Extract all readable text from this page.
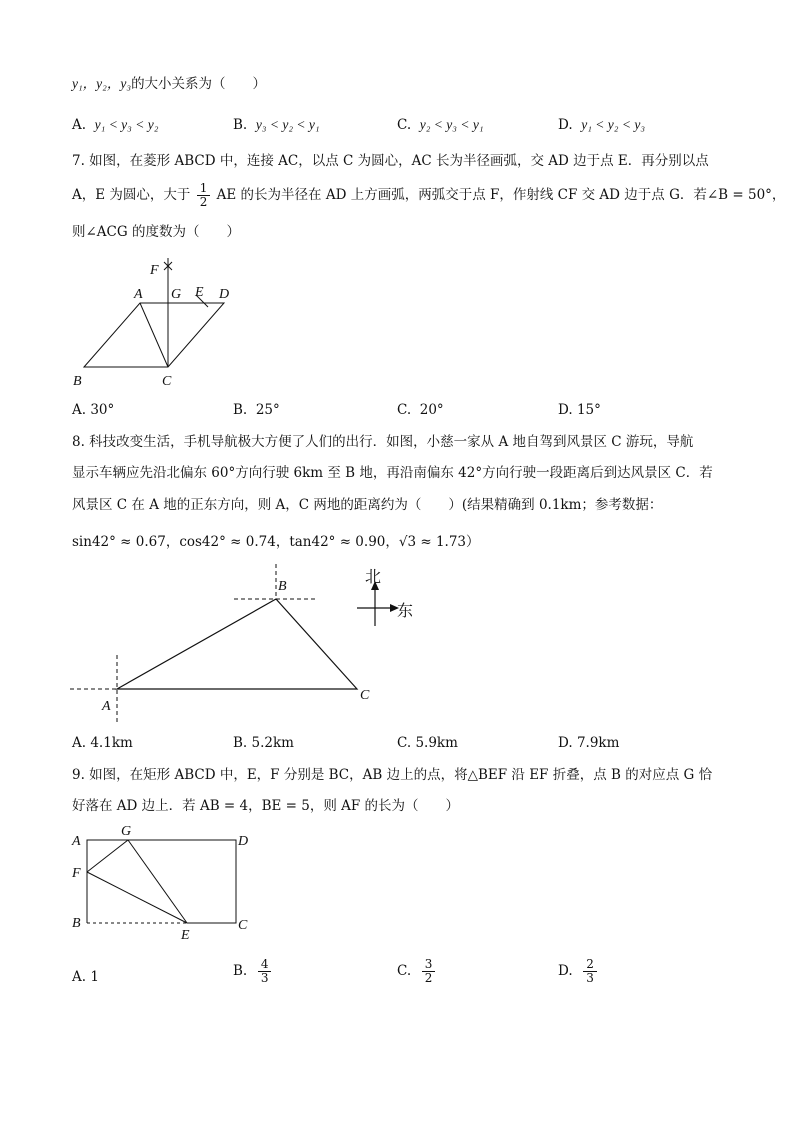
y₁，y₂，y₃的大小关系为（　　）
A. y₁ < y₃ < y₂	B. y₃ < y₂ < y₁	C. y₂ < y₃ < y₁	D. y₁ < y₂ < y₃
7. 如图，在菱形 ABCD 中，连接 AC，以点 C 为圆心，AC 长为半径画弧，交 AD 边于点 E．再分别以点
A，E 为圆心，大于 $\frac{1}{2}$ AE 的长为半径在 AD 上方画弧，两弧交于点 F，作射线 CF 交 AD 边于点 G．若∠B = 50°，
则∠ACG 的度数为（　　）
F
A G E D
B	C
A. 30°	B. 25°	C. 20°	D. 15°
8. 科技改变生活，手机导航极大方便了人们的出行．如图，小慈一家从 A 地自驾到风景区 C 游玩，导航
显示车辆应先沿北偏东 60°方向行驶 6km 至 B 地，再沿南偏东 42°方向行驶一段距离后到达风景区 C．若
风景区 C 在 A 地的正东方向，则 A，C 两地的距离约为（　　）(结果精确到 0.1km；参考数据：
sin42° ≈ 0.67，cos42° ≈ 0.74，tan42° ≈ 0.90，√3 ≈ 1.73）
北
东
A
B
C
A. 4.1km	B. 5.2km	C. 5.9km	D. 7.9km
9. 如图，在矩形 ABCD 中，E，F 分别是 BC，AB 边上的点，将△BEF 沿 EF 折叠，点 B 的对应点 G 恰
好落在 AD 边上．若 AB = 4，BE = 5，则 AF 的长为（　　）
A
G
D
F
B
E
C
A. 1	B. $\frac{4}{3}$	C. $\frac{3}{2}$	D. $\frac{2}{3}$
